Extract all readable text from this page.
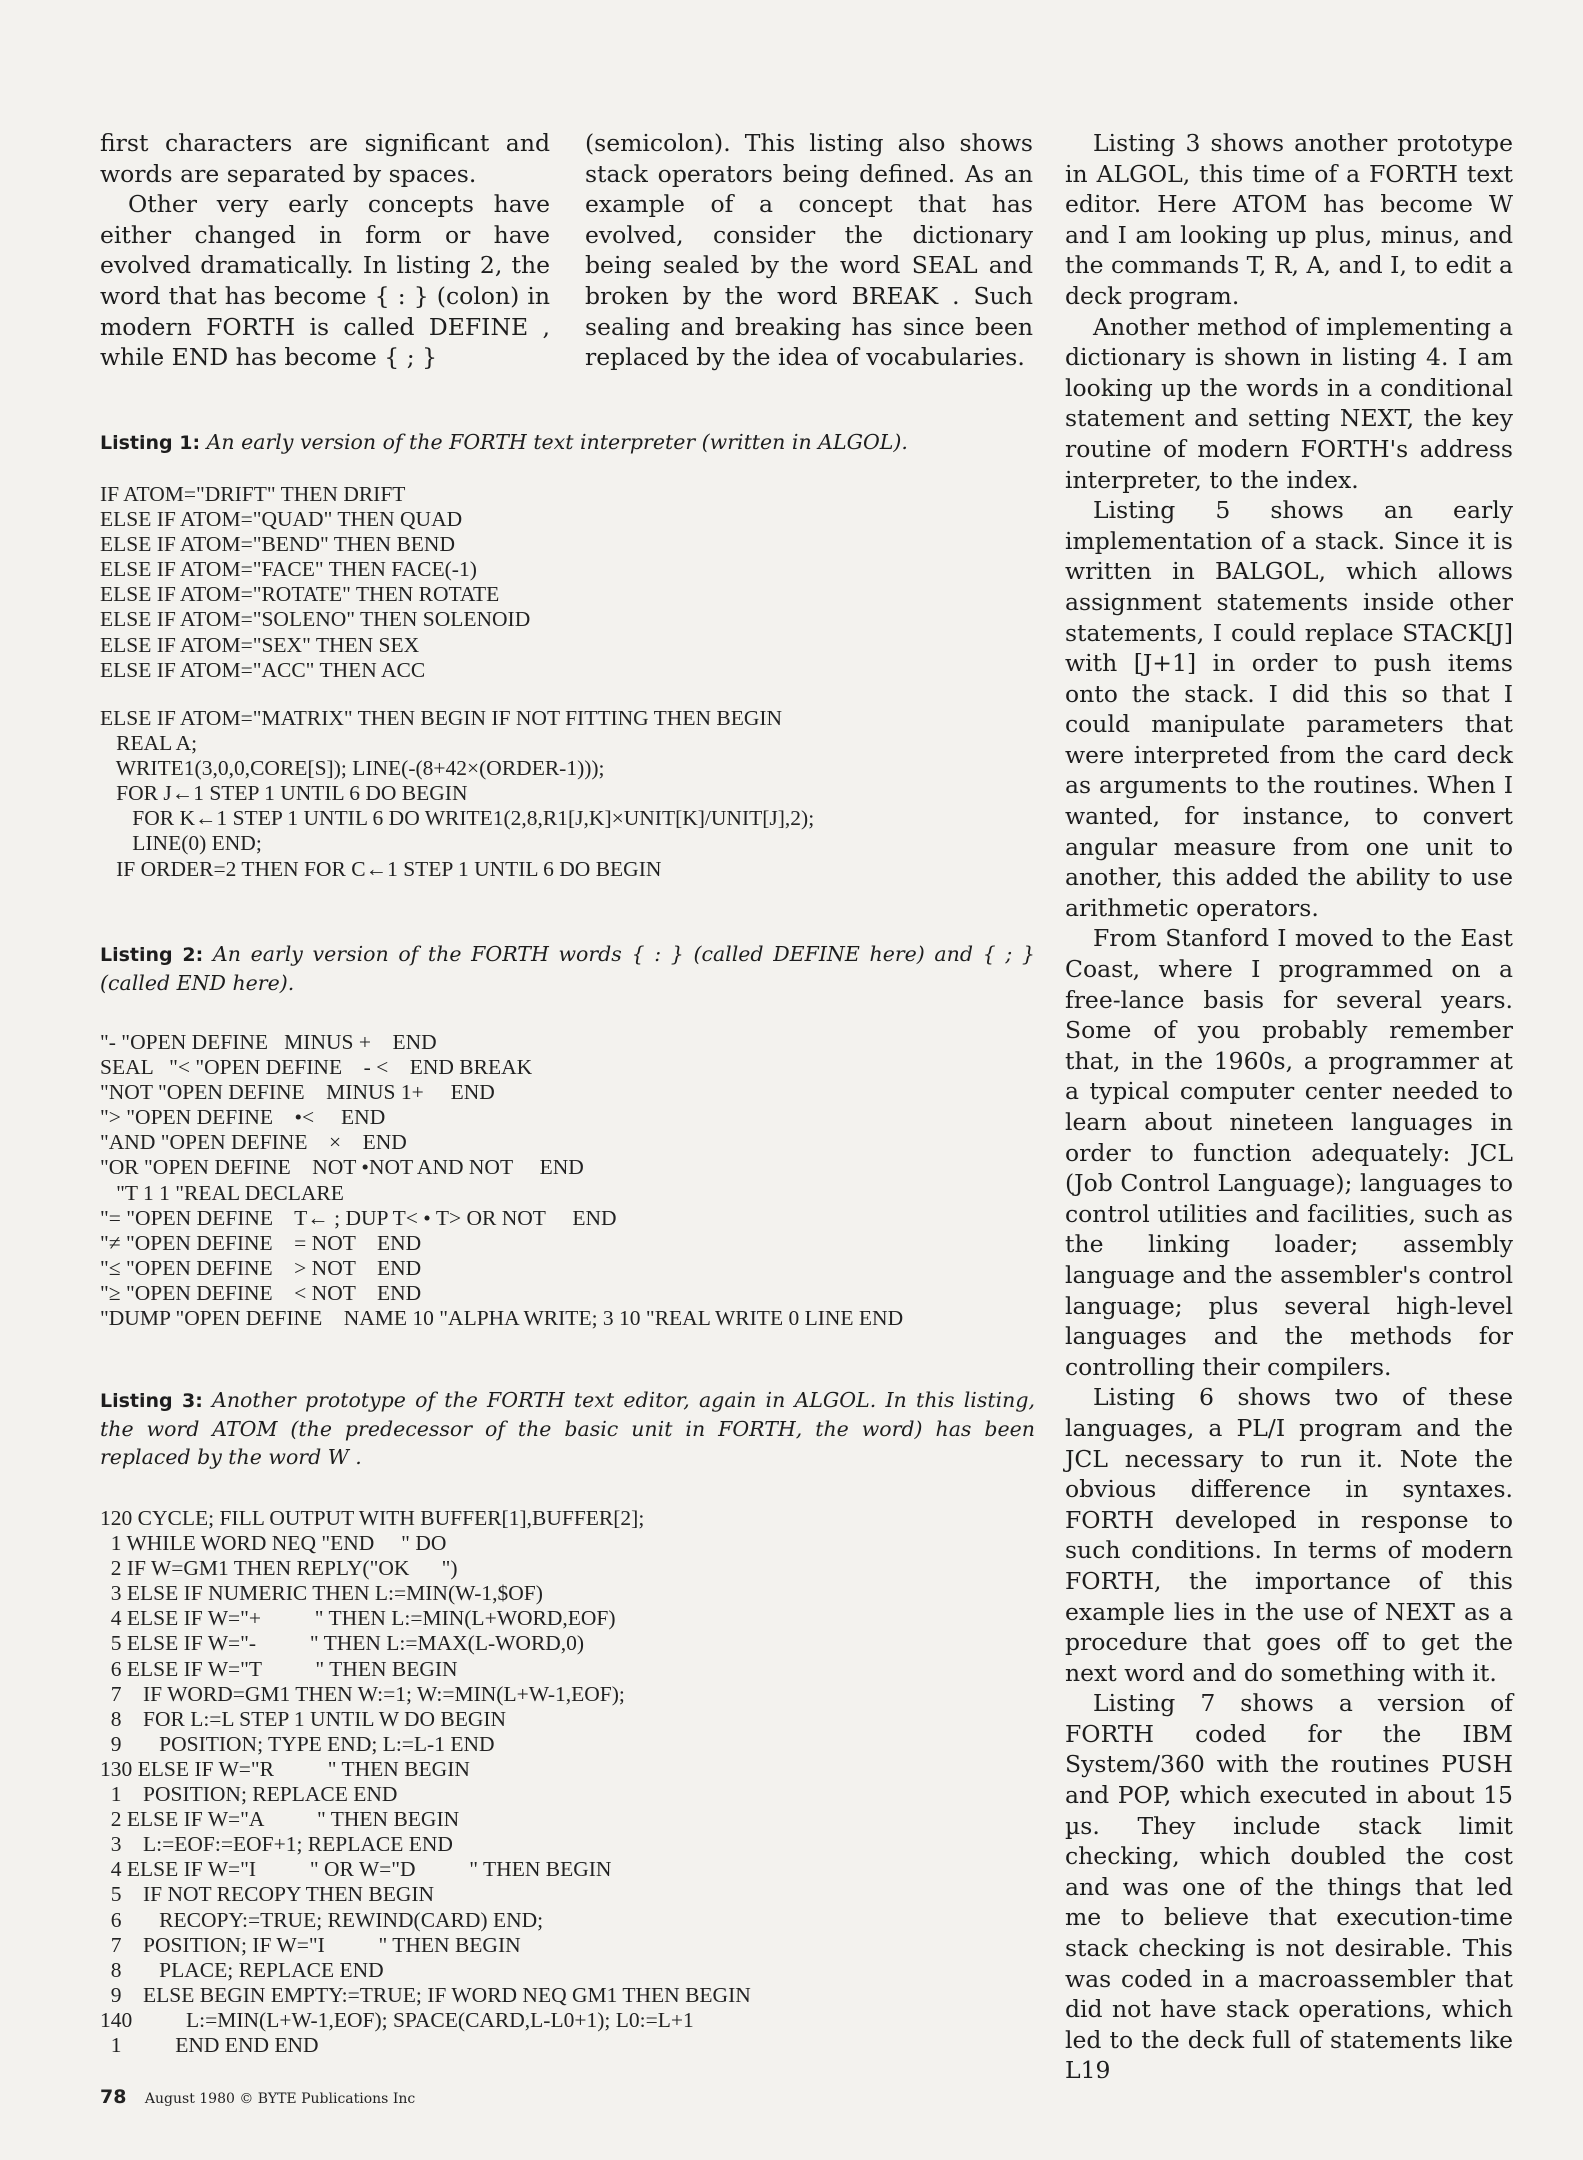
first characters are significant and words are separated by spaces.

Other very early concepts have either changed in form or have evolved dramatically. In listing 2, the word that has become { : } (colon) in modern FORTH is called DEFINE , while END has become { ; }

(semicolon). This listing also shows stack operators being defined. As an example of a concept that has evolved, consider the dictionary being sealed by the word SEAL and broken by the word BREAK . Such sealing and breaking has since been replaced by the idea of vocabularies.

Listing 3 shows another prototype in ALGOL, this time of a FORTH text editor. Here ATOM has become W and I am looking up plus, minus, and the commands T, R, A, and I, to edit a deck program.

Another method of implementing a dictionary is shown in listing 4. I am looking up the words in a conditional statement and setting NEXT, the key routine of modern FORTH's address interpreter, to the index.

Listing 5 shows an early implementation of a stack. Since it is written in BALGOL, which allows assignment statements inside other statements, I could replace STACK[J] with [J+1] in order to push items onto the stack. I did this so that I could manipulate parameters that were interpreted from the card deck as arguments to the routines. When I wanted, for instance, to convert angular measure from one unit to another, this added the ability to use arithmetic operators.

From Stanford I moved to the East Coast, where I programmed on a free-lance basis for several years. Some of you probably remember that, in the 1960s, a programmer at a typical computer center needed to learn about nineteen languages in order to function adequately: JCL (Job Control Language); languages to control utilities and facilities, such as the linking loader; assembly language and the assembler's control language; plus several high-level languages and the methods for controlling their compilers.

Listing 6 shows two of these languages, a PL/I program and the JCL necessary to run it. Note the obvious difference in syntaxes. FORTH developed in response to such conditions. In terms of modern FORTH, the importance of this example lies in the use of NEXT as a procedure that goes off to get the next word and do something with it.

Listing 7 shows a version of FORTH coded for the IBM System/360 with the routines PUSH and POP, which executed in about 15 µs. They include stack limit checking, which doubled the cost and was one of the things that led me to believe that execution-time stack checking is not desirable. This was coded in a macroassembler that did not have stack operations, which led to the deck full of statements like L19

Listing 1: An early version of the FORTH text interpreter (written in ALGOL).
IF ATOM="DRIFT" THEN DRIFT
ELSE IF ATOM="QUAD" THEN QUAD
ELSE IF ATOM="BEND" THEN BEND
ELSE IF ATOM="FACE" THEN FACE(-1)
ELSE IF ATOM="ROTATE" THEN ROTATE
ELSE IF ATOM="SOLENO" THEN SOLENOID
ELSE IF ATOM="SEX" THEN SEX
ELSE IF ATOM="ACC" THEN ACC
ELSE IF ATOM="MATRIX" THEN BEGIN IF NOT FITTING THEN BEGIN
REAL A;
WRITE1(3,0,0,CORE[S]); LINE(-(8+42×(ORDER-1)));
FOR J←1 STEP 1 UNTIL 6 DO BEGIN
FOR K←1 STEP 1 UNTIL 6 DO WRITE1(2,8,R1[J,K]×UNIT[K]/UNIT[J],2);
LINE(0) END;
IF ORDER=2 THEN FOR C←1 STEP 1 UNTIL 6 DO BEGIN
Listing 2: An early version of the FORTH words { : } (called DEFINE here) and { ; } (called END here).
"- "OPEN DEFINE   MINUS +    END
SEAL   "< "OPEN DEFINE    - <    END BREAK
"NOT "OPEN DEFINE    MINUS 1+     END
"> "OPEN DEFINE    •<     END
"AND "OPEN DEFINE    ×    END
"OR "OPEN DEFINE    NOT •NOT AND NOT     END
"T 1 1 "REAL DECLARE
"= "OPEN DEFINE    T← ; DUP T< • T> OR NOT     END
"≠ "OPEN DEFINE    = NOT    END
"≤ "OPEN DEFINE    > NOT    END
"≥ "OPEN DEFINE    < NOT    END
"DUMP "OPEN DEFINE    NAME 10 "ALPHA WRITE; 3 10 "REAL WRITE 0 LINE END
Listing 3: Another prototype of the FORTH text editor, again in ALGOL. In this listing, the word ATOM (the predecessor of the basic unit in FORTH, the word) has been replaced by the word W .
120 CYCLE; FILL OUTPUT WITH BUFFER[1],BUFFER[2];
1 WHILE WORD NEQ "END     " DO
2 IF W=GM1 THEN REPLY("OK      ")
3 ELSE IF NUMERIC THEN L:=MIN(W-1,$OF)
4 ELSE IF W="+          " THEN L:=MIN(L+WORD,EOF)
5 ELSE IF W="-          " THEN L:=MAX(L-WORD,0)
6 ELSE IF W="T          " THEN BEGIN
7    IF WORD=GM1 THEN W:=1; W:=MIN(L+W-1,EOF);
8    FOR L:=L STEP 1 UNTIL W DO BEGIN
9       POSITION; TYPE END; L:=L-1 END
130 ELSE IF W="R          " THEN BEGIN
1    POSITION; REPLACE END
2 ELSE IF W="A          " THEN BEGIN
3    L:=EOF:=EOF+1; REPLACE END
4 ELSE IF W="I          " OR W="D          " THEN BEGIN
5    IF NOT RECOPY THEN BEGIN
6       RECOPY:=TRUE; REWIND(CARD) END;
7    POSITION; IF W="I          " THEN BEGIN
8       PLACE; REPLACE END
9    ELSE BEGIN EMPTY:=TRUE; IF WORD NEQ GM1 THEN BEGIN
140          L:=MIN(L+W-1,EOF); SPACE(CARD,L-L0+1); L0:=L+1
1          END END END
78 August 1980 © BYTE Publications Inc
